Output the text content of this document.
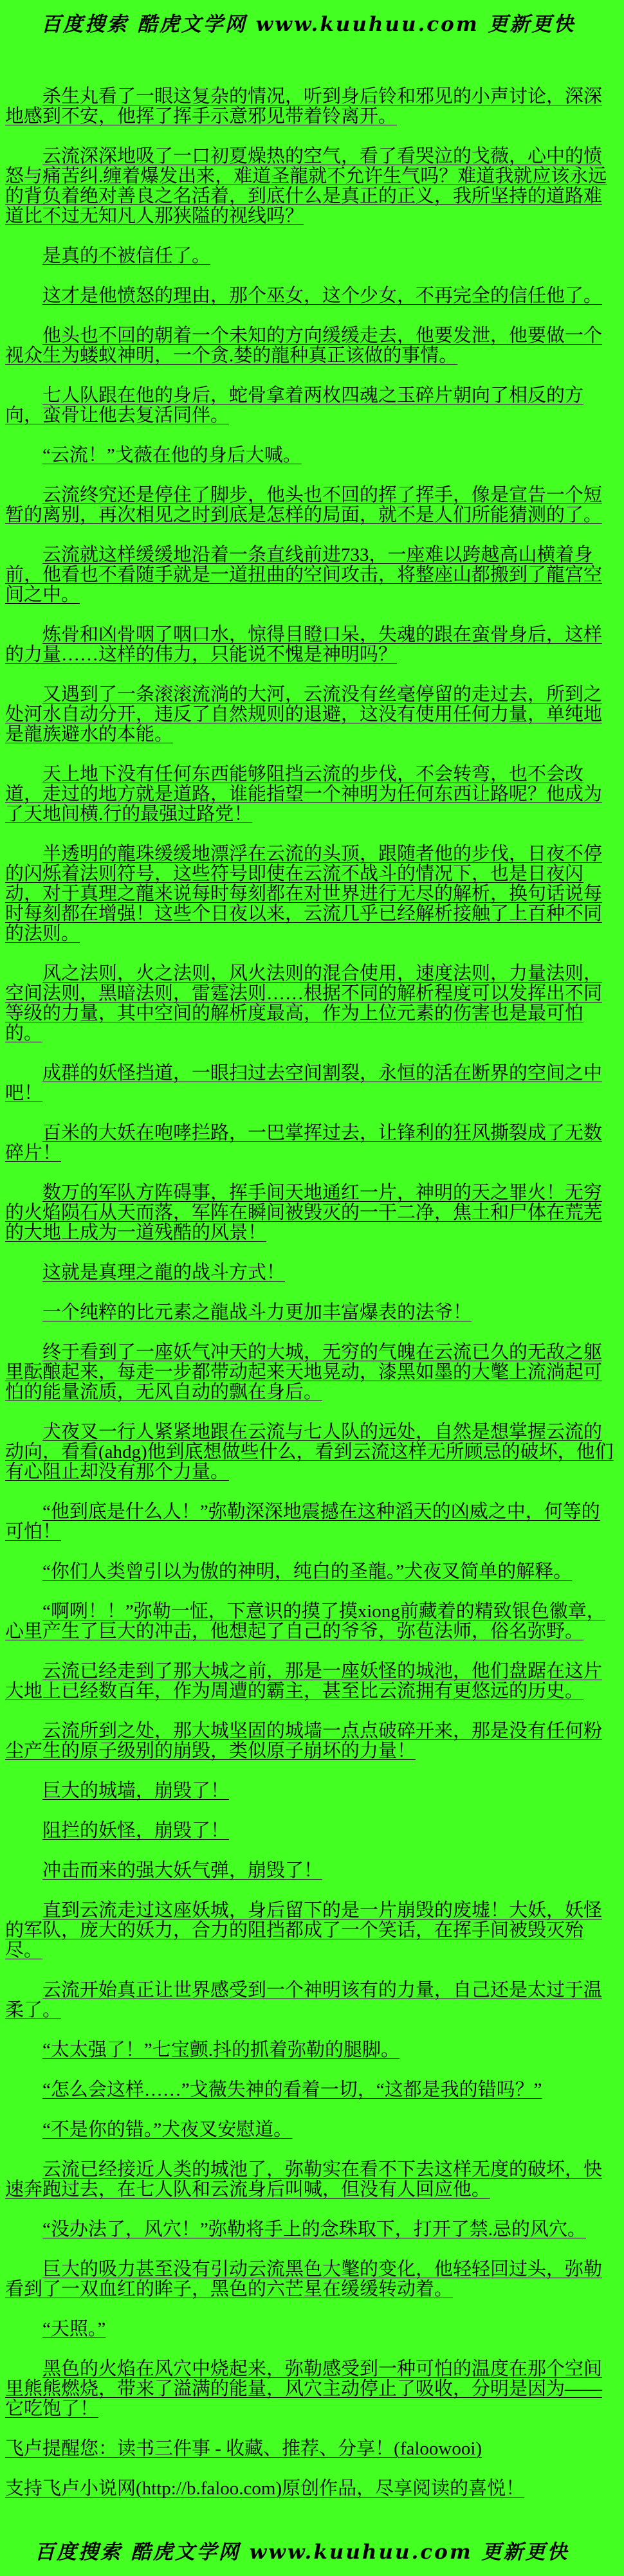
百度搜索 酷虎文学网 www.kuuhuu.com 更新更快

杀生丸看了一眼这复杂的情况，听到身后铃和邪见的小声讨论，深深地感到不安，他挥了挥手示意邪见带着铃离开。

云流深深地吸了一口初夏燥热的空气，看了看哭泣的戈薇，心中的愤怒与痛苦纠.缠着爆发出来，难道圣龍就不允许生气吗？难道我就应该永远的背负着绝对善良之名活着，到底什么是真正的正义，我所坚持的道路难道比不过无知凡人那狭隘的视线吗？

是真的不被信任了。

这才是他愤怒的理由，那个巫女，这个少女，不再完全的信任他了。

他头也不回的朝着一个未知的方向缓缓走去，他要发泄，他要做一个视众生为蝼蚁神明，一个贪.婪的龍种真正该做的事情。

七人队跟在他的身后，蛇骨拿着两枚四魂之玉碎片朝向了相反的方向，蛮骨让他去复活同伴。

“云流！”戈薇在他的身后大喊。

云流终究还是停住了脚步，他头也不回的挥了挥手，像是宣告一个短暂的离别，再次相见之时到底是怎样的局面，就不是人们所能猜测的了。

云流就这样缓缓地沿着一条直线前进733，一座难以跨越高山横着身前，他看也不看随手就是一道扭曲的空间攻击，将整座山都搬到了龍宫空间之中。

炼骨和凶骨咽了咽口水，惊得目瞪口呆，失魂的跟在蛮骨身后，这样的力量……这样的伟力，只能说不愧是神明吗？

又遇到了一条滚滚流淌的大河，云流没有丝毫停留的走过去，所到之处河水自动分开，违反了自然规则的退避，这没有使用任何力量，单纯地是龍族避水的本能。

天上地下没有任何东西能够阻挡云流的步伐，不会转弯，也不会改道，走过的地方就是道路，谁能指望一个神明为任何东西让路呢？他成为了天地间横.行的最强过路党！

半透明的龍珠缓缓地漂浮在云流的头顶，跟随者他的步伐，日夜不停的闪烁着法则符号，这些符号即使在云流不战斗的情况下，也是日夜闪动，对于真理之龍来说每时每刻都在对世界进行无尽的解析，换句话说每时每刻都在增强！这些个日夜以来，云流几乎已经解析接触了上百种不同的法则。

风之法则，火之法则，风火法则的混合使用，速度法则，力量法则，空间法则，黑暗法则，雷霆法则……根据不同的解析程度可以发挥出不同等级的力量，其中空间的解析度最高，作为上位元素的伤害也是最可怕的。

成群的妖怪挡道，一眼扫过去空间割裂，永恒的活在断界的空间之中吧！

百米的大妖在咆哮拦路，一巴掌挥过去，让锋利的狂风撕裂成了无数碎片！

数万的军队方阵碍事，挥手间天地通红一片，神明的天之罪火！无穷的火焰陨石从天而落，军阵在瞬间被毁灭的一干二净，焦土和尸体在荒芜的大地上成为一道残酷的风景！

这就是真理之龍的战斗方式！

一个纯粹的比元素之龍战斗力更加丰富爆表的法爷！

终于看到了一座妖气冲天的大城，无穷的气魄在云流已久的无敌之躯里酝酿起来，每走一步都带动起来天地晃动，漆黑如墨的大氅上流淌起可怕的能量流质，无风自动的飘在身后。

犬夜叉一行人紧紧地跟在云流与七人队的远处，自然是想掌握云流的动向，看看(ahdg)他到底想做些什么，看到云流这样无所顾忌的破坏，他们有心阻止却没有那个力量。

“他到底是什么人！”弥勒深深地震撼在这种滔天的凶威之中，何等的可怕！

“你们人类曾引以为傲的神明，纯白的圣龍。”犬夜叉简单的解释。

“啊咧！！”弥勒一怔，下意识的摸了摸xiong前藏着的精致银色徽章，心里产生了巨大的冲击，他想起了自己的爷爷，弥苞法师，俗名弥野。

云流已经走到了那大城之前，那是一座妖怪的城池，他们盘踞在这片大地上已经数百年，作为周遭的霸主，甚至比云流拥有更悠远的历史。

云流所到之处，那大城坚固的城墙一点点破碎开来，那是没有任何粉尘产生的原子级别的崩毁，类似原子崩坏的力量！

巨大的城墙，崩毁了！

阻拦的妖怪，崩毁了！

冲击而来的强大妖气弹，崩毁了！

直到云流走过这座妖城，身后留下的是一片崩毁的废墟！大妖，妖怪的军队，庞大的妖力，合力的阻挡都成了一个笑话，在挥手间被毁灭殆尽。

云流开始真正让世界感受到一个神明该有的力量，自己还是太过于温柔了。

“太太强了！”七宝颤.抖的抓着弥勒的腿脚。

“怎么会这样……”戈薇失神的看着一切，“这都是我的错吗？”

“不是你的错。”犬夜叉安慰道。

云流已经接近人类的城池了，弥勒实在看不下去这样无度的破坏，快速奔跑过去，在七人队和云流身后叫喊，但没有人回应他。

“没办法了，风穴！”弥勒将手上的念珠取下，打开了禁.忌的风穴。

巨大的吸力甚至没有引动云流黑色大氅的变化，他轻轻回过头，弥勒看到了一双血红的眸子，黑色的六芒星在缓缓转动着。

“天照。”

黑色的火焰在风穴中烧起来，弥勒感受到一种可怕的温度在那个空间里熊熊燃烧，带来了溢满的能量，风穴主动停止了吸收，分明是因为——它吃饱了！

飞卢提醒您：读书三件事 - 收藏、推荐、分享！(faloowooi)

支持飞卢小说网(http://b.faloo.com)原创作品，尽享阅读的喜悦！

百度搜索 酷虎文学网 www.kuuhuu.com 更新更快
